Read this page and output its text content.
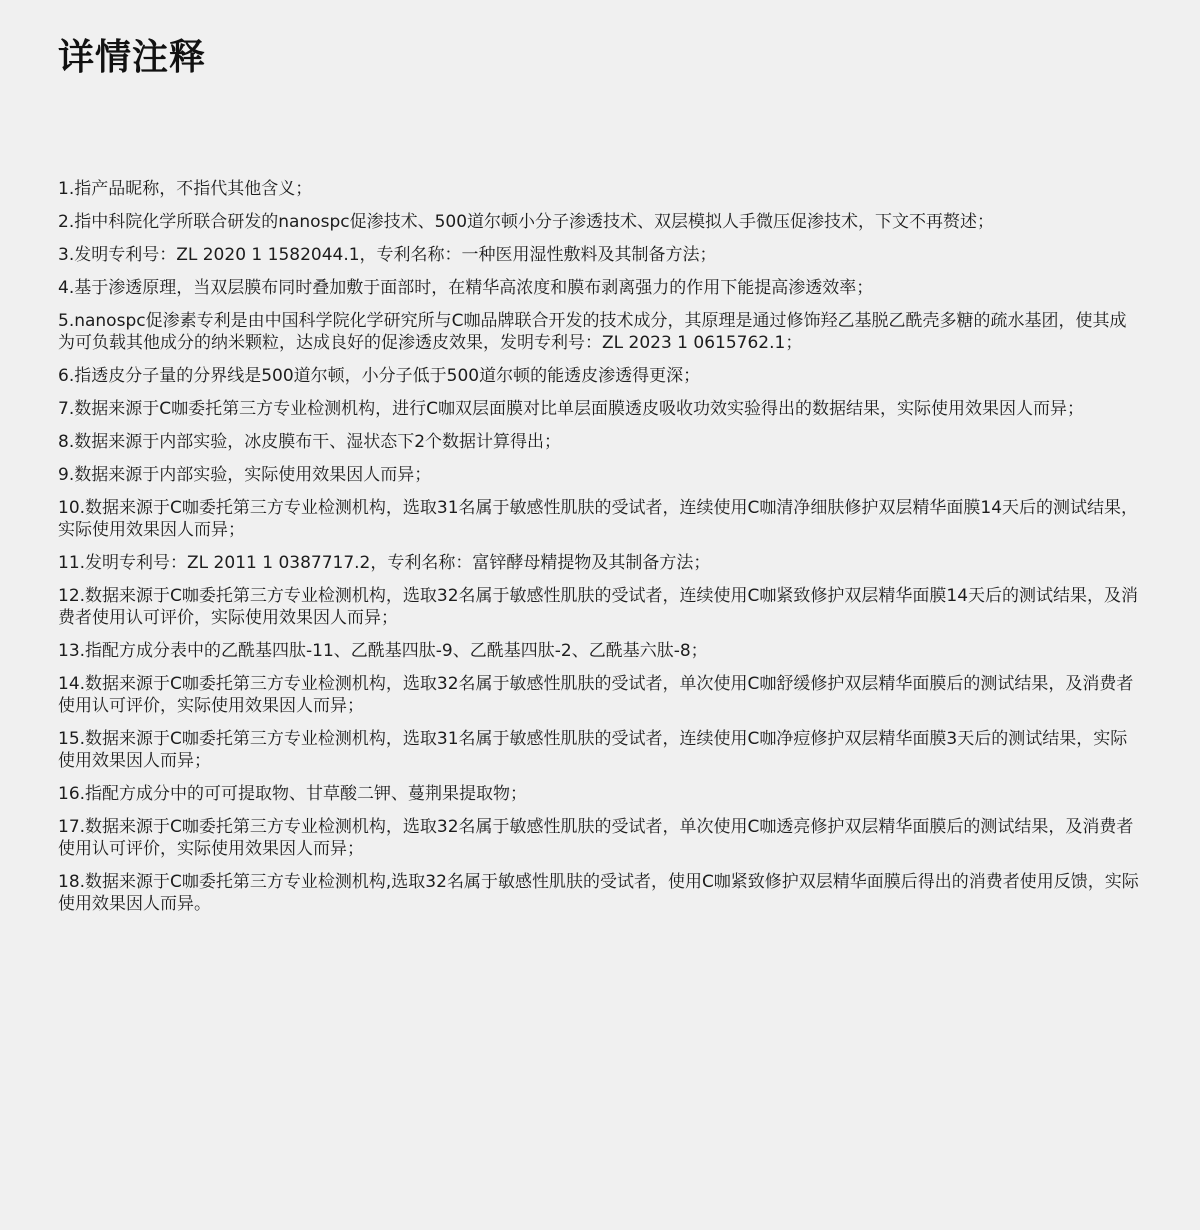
详情注释
1.指产品昵称，不指代其他含义；
2.指中科院化学所联合研发的nanospc促渗技术、500道尔顿小分子渗透技术、双层模拟人手微压促渗技术，下文不再赘述；
3.发明专利号：ZL 2020 1 1582044.1，专利名称：一种医用湿性敷料及其制备方法；
4.基于渗透原理，当双层膜布同时叠加敷于面部时，在精华高浓度和膜布剥离强力的作用下能提高渗透效率；
5.nanospc促渗素专利是由中国科学院化学研究所与C咖品牌联合开发的技术成分，其原理是通过修饰羟乙基脱乙酰壳多糖的疏水基团，使其成为可负载其他成分的纳米颗粒，达成良好的促渗透皮效果，发明专利号：ZL 2023 1 0615762.1；
6.指透皮分子量的分界线是500道尔顿，小分子低于500道尔顿的能透皮渗透得更深；
7.数据来源于C咖委托第三方专业检测机构，进行C咖双层面膜对比单层面膜透皮吸收功效实验得出的数据结果，实际使用效果因人而异；
8.数据来源于内部实验，冰皮膜布干、湿状态下2个数据计算得出；
9.数据来源于内部实验，实际使用效果因人而异；
10.数据来源于C咖委托第三方专业检测机构，选取31名属于敏感性肌肤的受试者，连续使用C咖清净细肤修护双层精华面膜14天后的测试结果，实际使用效果因人而异；
11.发明专利号：ZL 2011 1 0387717.2，专利名称：富锌酵母精提物及其制备方法；
12.数据来源于C咖委托第三方专业检测机构，选取32名属于敏感性肌肤的受试者，连续使用C咖紧致修护双层精华面膜14天后的测试结果，及消费者使用认可评价，实际使用效果因人而异；
13.指配方成分表中的乙酰基四肽-11、乙酰基四肽-9、乙酰基四肽-2、乙酰基六肽-8；
14.数据来源于C咖委托第三方专业检测机构，选取32名属于敏感性肌肤的受试者，单次使用C咖舒缓修护双层精华面膜后的测试结果，及消费者使用认可评价，实际使用效果因人而异；
15.数据来源于C咖委托第三方专业检测机构，选取31名属于敏感性肌肤的受试者，连续使用C咖净痘修护双层精华面膜3天后的测试结果，实际使用效果因人而异；
16.指配方成分中的可可提取物、甘草酸二钾、蔓荆果提取物；
17.数据来源于C咖委托第三方专业检测机构，选取32名属于敏感性肌肤的受试者，单次使用C咖透亮修护双层精华面膜后的测试结果，及消费者使用认可评价，实际使用效果因人而异；
18.数据来源于C咖委托第三方专业检测机构,选取32名属于敏感性肌肤的受试者，使用C咖紧致修护双层精华面膜后得出的消费者使用反馈，实际使用效果因人而异。
